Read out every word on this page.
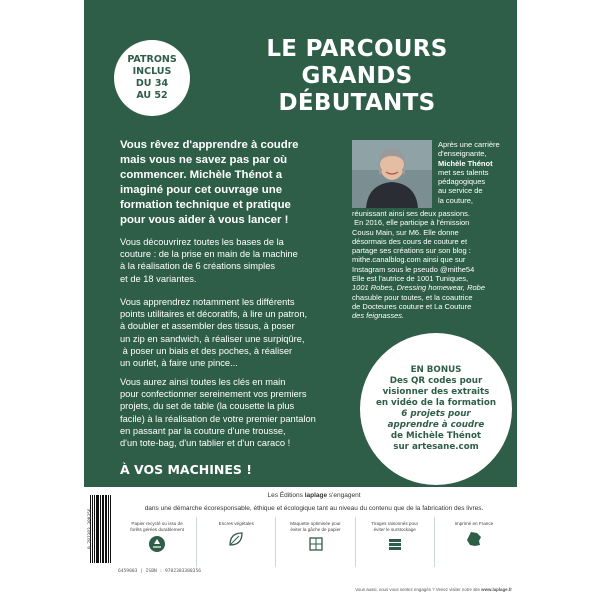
PATRONS
INCLUS
DU 34
AU 52
LE PARCOURS
GRANDS
DÉBUTANTS
Vous rêvez d'apprendre à coudre
mais vous ne savez pas par où
commencer. Michèle Thénot a
imaginé pour cet ouvrage une
formation technique et pratique
pour vous aider à vous lancer !
Vous découvrirez toutes les bases de la
couture : de la prise en main de la machine
à la réalisation de 6 créations simples
et de 18 variantes.
Vous apprendrez notamment les différents
points utilitaires et décoratifs, à lire un patron,
à doubler et assembler des tissus, à poser
un zip en sandwich, à réaliser une surpiqûre,
à poser un biais et des poches, à réaliser
un ourlet, à faire une pince...
Vous aurez ainsi toutes les clés en main
pour confectionner sereinement vos premiers
projets, du set de table (la cousette la plus
facile) à la réalisation de votre premier pantalon
en passant par la couture d'une trousse,
d'un tote-bag, d'un tablier et d'un caraco !
À VOS MACHINES !
Après une carrière
d'enseignante,
Michèle Thénot
met ses talents
pédagogiques
au service de
la couture,
réunissant ainsi ses deux passions.
En 2016, elle participe à l'émission
Cousu Main, sur M6. Elle donne
désormais des cours de couture et
partage ses créations sur son blog :
mithe.canalblog.com ainsi que sur
Instagram sous le pseudo @mithe54
Elle est l'autrice de 1001 Tuniques,
1001 Robes, Dressing homewear, Robe
chasuble pour toutes, et la coautrice
de Docteures couture et La Couture
des feignasses.
EN BONUS
Des QR codes pour
visionner des extraits
en vidéo de la formation
6 projets pour
apprendre à coudre
de Michèle Thénot
sur artesane.com
9 782383 380356
Les Éditions laplage s'engagent
dans une démarche écoresponsable, éthique et écologique tant au niveau du contenu que de la fabrication des livres.
Papier recyclé ou issu de forêts gérées durablement
Encres végétales	Maquette optimisée pour éviter la gâche de papier
Tirages raisonnés pour éviter le surstockage
Imprimé en France
6459003 | ISBN : 9782383380356
Vous aussi, vous vous sentez engagés ? Venez visiter notre site www.laplage.fr
